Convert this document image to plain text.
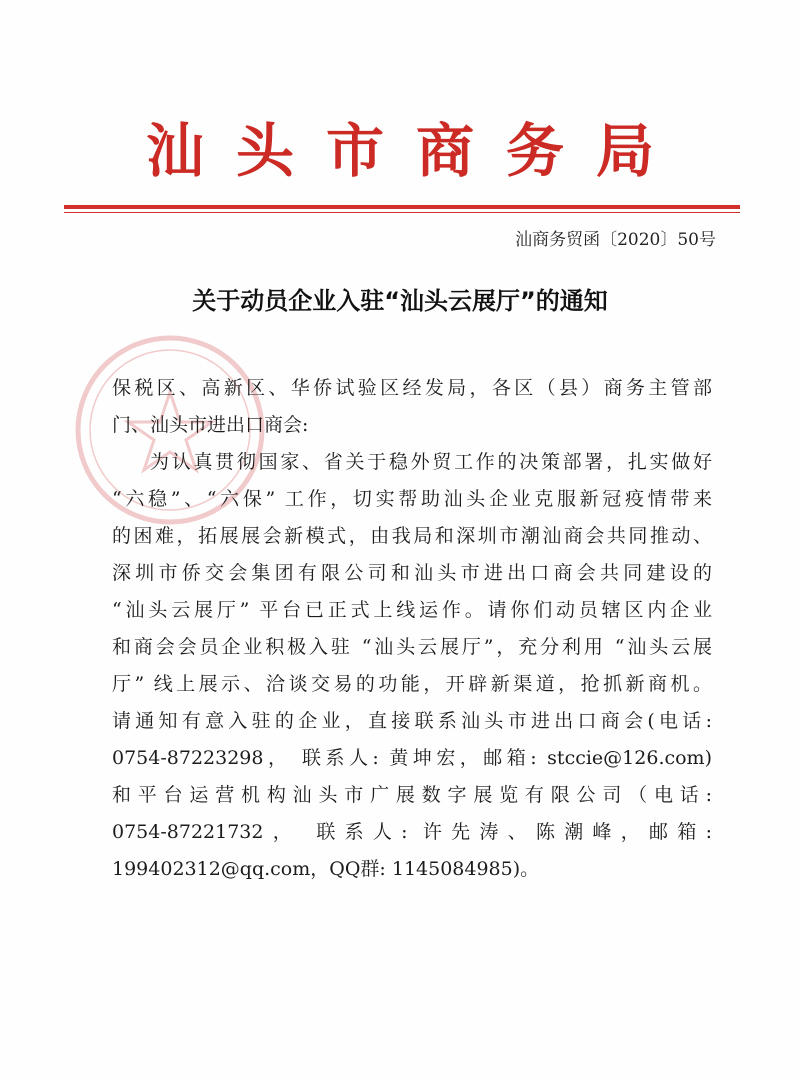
汕头市商务局
汕商务贸函〔2020〕50号
关于动员企业入驻“汕头云展厅”的通知
保税区、高新区、华侨试验区经发局，各区（县）商务主管部
门、汕头市进出口商会:
为认真贯彻国家、省关于稳外贸工作的决策部署，扎实做好
“六稳”、“六保” 工作，切实帮助汕头企业克服新冠疫情带来
的困难，拓展展会新模式，由我局和深圳市潮汕商会共同推动、
深圳市侨交会集团有限公司和汕头市进出口商会共同建设的
“汕头云展厅” 平台已正式上线运作。请你们动员辖区内企业
和商会会员企业积极入驻 “汕头云展厅”，充分利用 “汕头云展
厅” 线上展示、洽谈交易的功能，开辟新渠道，抢抓新商机。
请通知有意入驻的企业，直接联系汕头市进出口商会(电话:
0754-87223298， 联系人: 黄坤宏，邮箱: stccie@126.com)
和平台运营机构汕头市广展数字展览有限公司（电话:
0754-87221732， 联系人: 许先涛、陈潮峰，邮箱:
199402312@qq.com，QQ群: 1145084985)。
